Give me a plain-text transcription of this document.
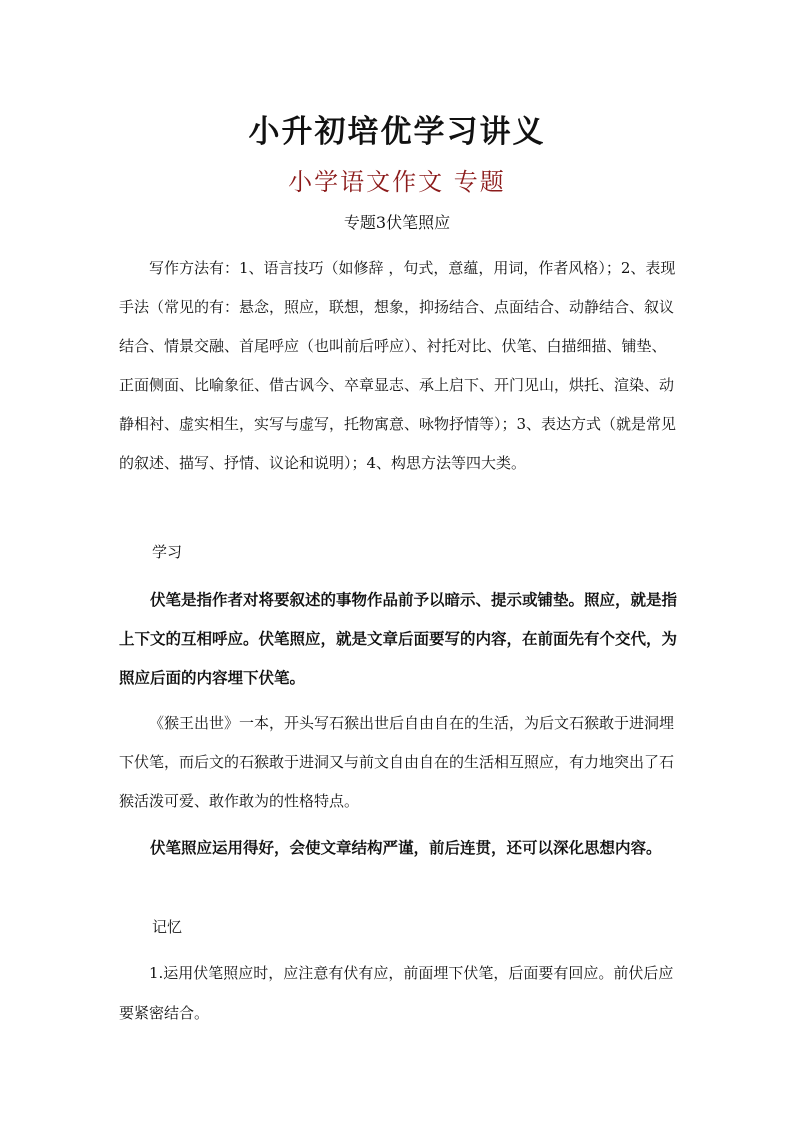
小升初培优学习讲义
小学语文作文 专题
专题3伏笔照应
写作方法有：1、语言技巧（如修辞 ，句式，意蕴，用词，作者风格）；2、表现手法（常见的有：悬念，照应，联想，想象，抑扬结合、点面结合、动静结合、叙议结合、情景交融、首尾呼应（也叫前后呼应）、衬托对比、伏笔、白描细描、铺垫、正面侧面、比喻象征、借古讽今、卒章显志、承上启下、开门见山，烘托、渲染、动静相衬、虚实相生，实写与虚写，托物寓意、咏物抒情等）；3、表达方式（就是常见的叙述、描写、抒情、议论和说明）；4、构思方法等四大类。
学习
伏笔是指作者对将要叙述的事物作品前予以暗示、提示或铺垫。照应，就是指上下文的互相呼应。伏笔照应，就是文章后面要写的内容，在前面先有个交代，为照应后面的内容埋下伏笔。
《猴王出世》一本，开头写石猴出世后自由自在的生活，为后文石猴敢于进洞埋下伏笔，而后文的石猴敢于进洞又与前文自由自在的生活相互照应，有力地突出了石猴活泼可爱、敢作敢为的性格特点。
伏笔照应运用得好，会使文章结构严谨，前后连贯，还可以深化思想内容。
记忆
1.运用伏笔照应时，应注意有伏有应，前面埋下伏笔，后面要有回应。前伏后应要紧密结合。
